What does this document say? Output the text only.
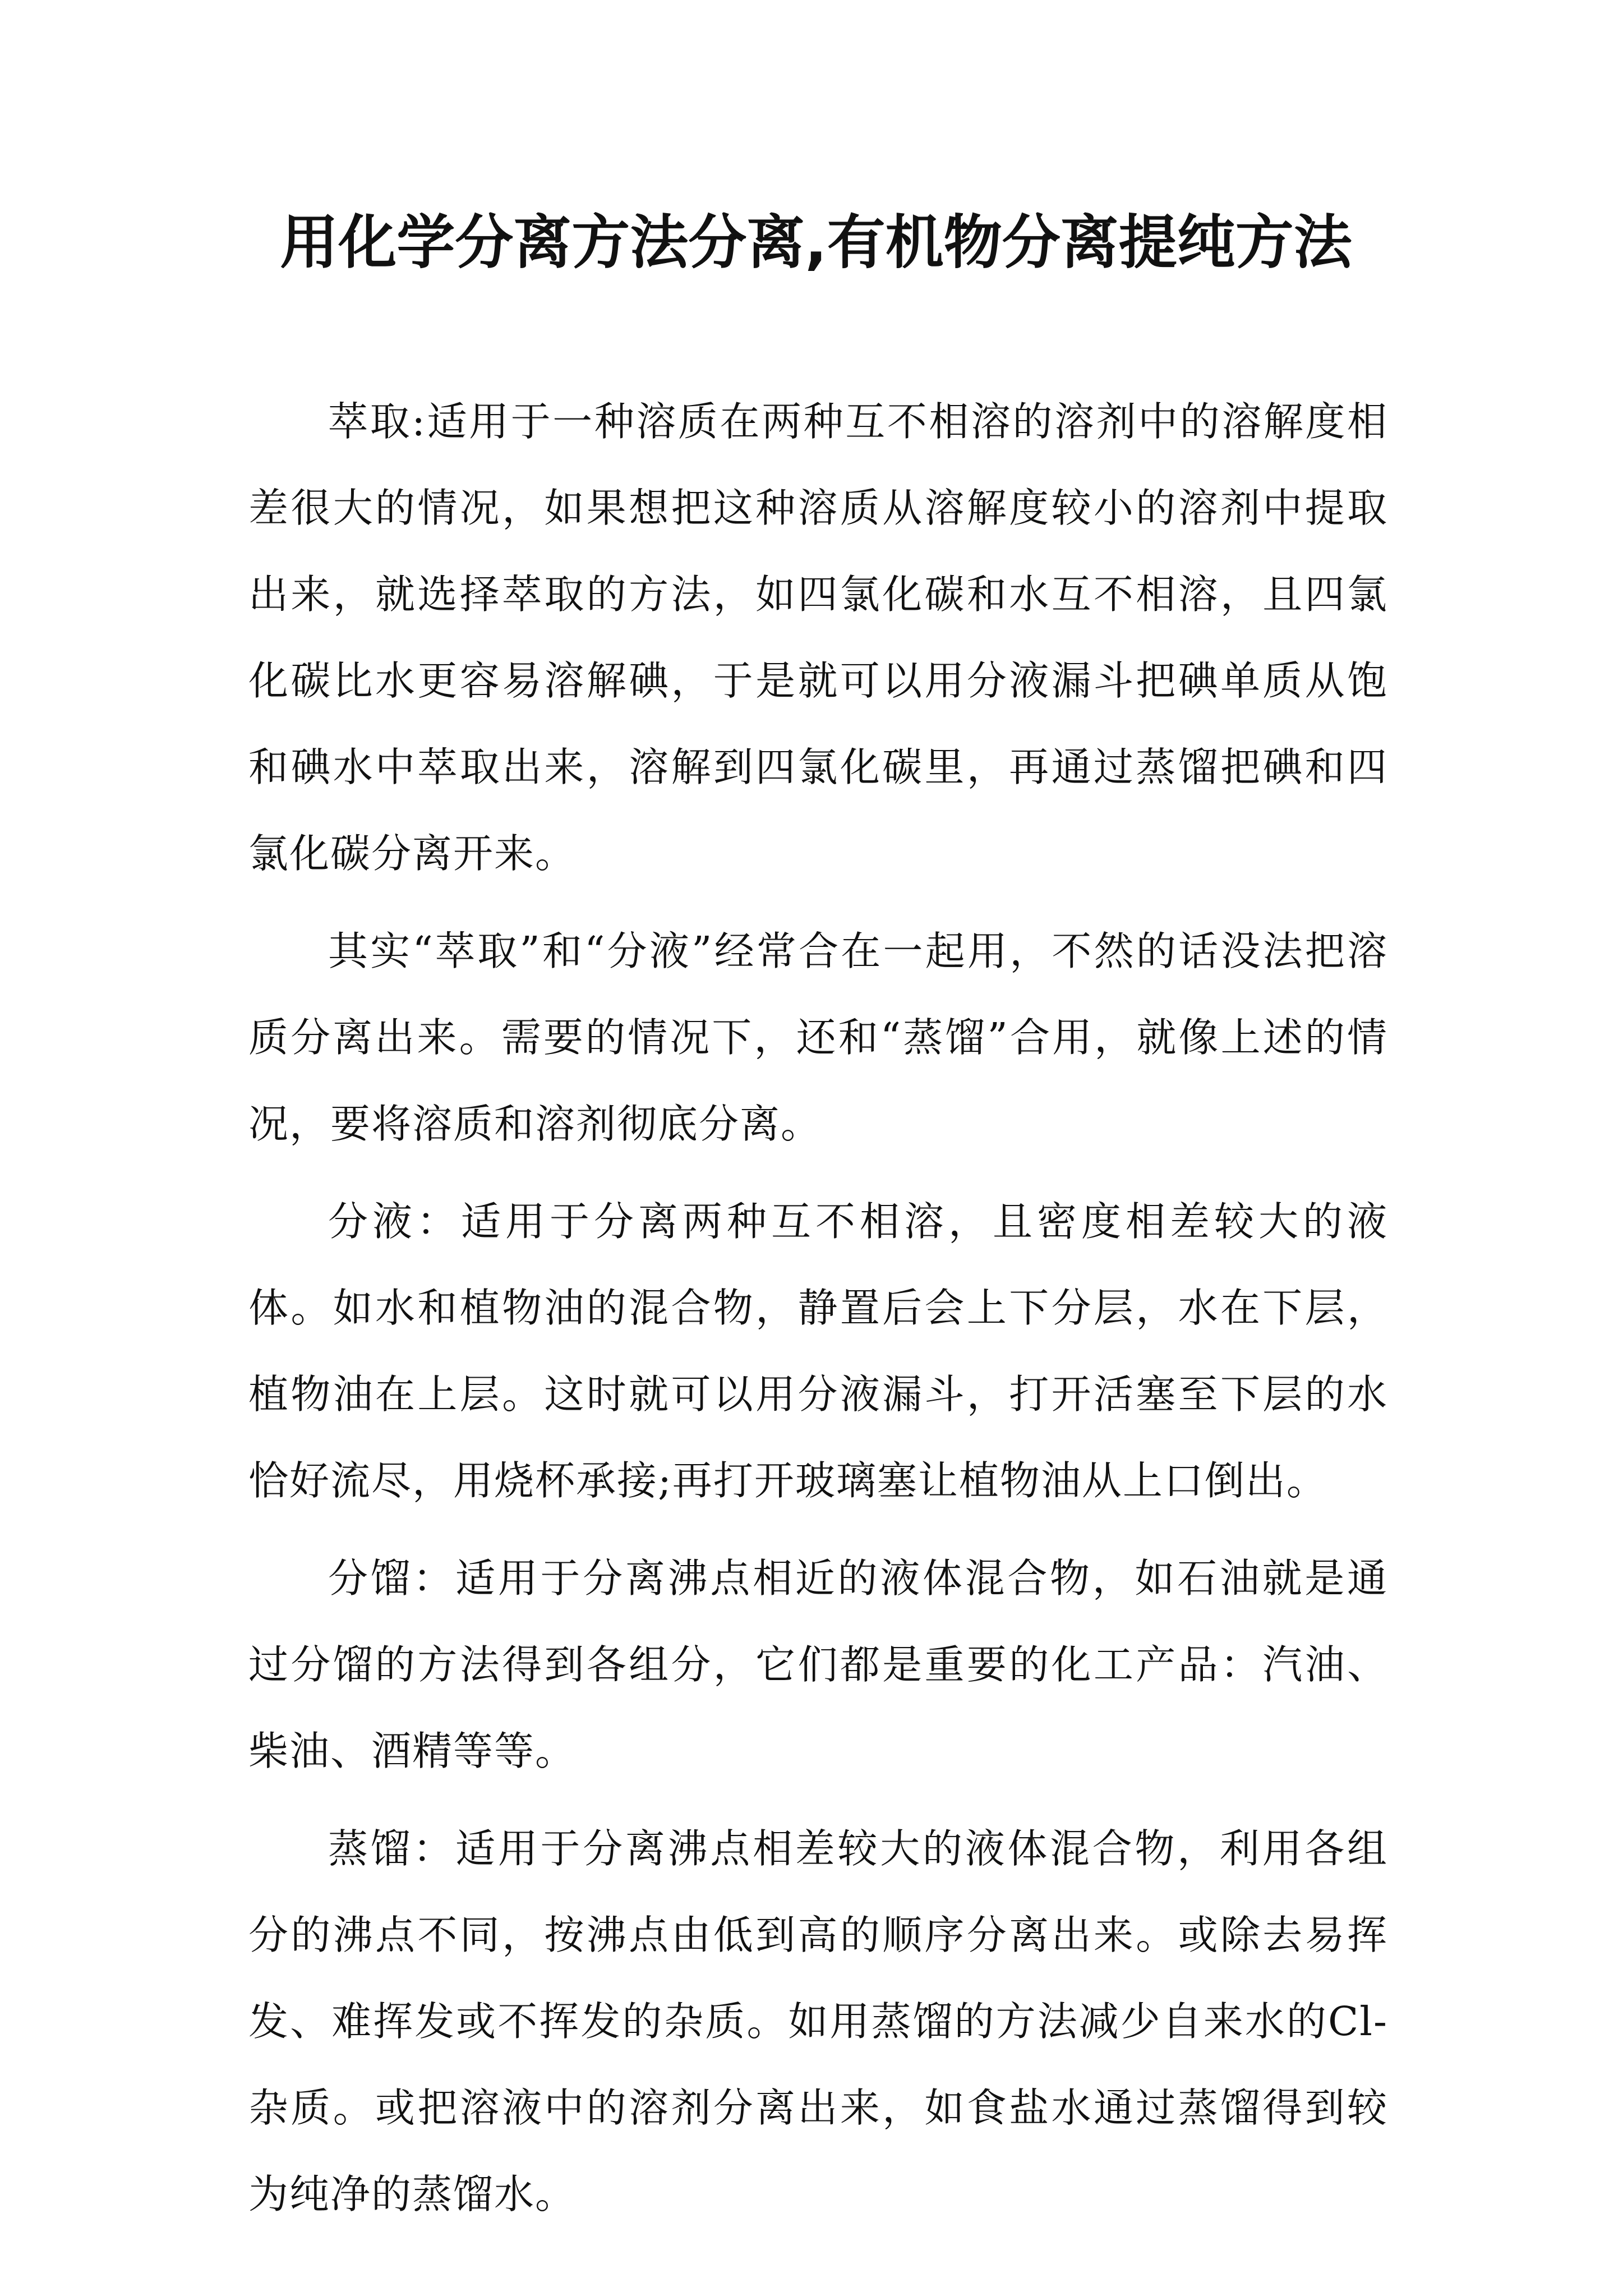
用化学分离方法分离,有机物分离提纯方法

萃取:适用于一种溶质在两种互不相溶的溶剂中的溶解度相差很大的情况，如果想把这种溶质从溶解度较小的溶剂中提取出来，就选择萃取的方法，如四氯化碳和水互不相溶，且四氯化碳比水更容易溶解碘，于是就可以用分液漏斗把碘单质从饱和碘水中萃取出来，溶解到四氯化碳里，再通过蒸馏把碘和四氯化碳分离开来。

其实“萃取”和“分液”经常合在一起用，不然的话没法把溶质分离出来。需要的情况下，还和“蒸馏”合用，就像上述的情况，要将溶质和溶剂彻底分离。

分液：适用于分离两种互不相溶，且密度相差较大的液体。如水和植物油的混合物，静置后会上下分层，水在下层，植物油在上层。这时就可以用分液漏斗，打开活塞至下层的水恰好流尽，用烧杯承接;再打开玻璃塞让植物油从上口倒出。

分馏：适用于分离沸点相近的液体混合物，如石油就是通过分馏的方法得到各组分，它们都是重要的化工产品：汽油、柴油、酒精等等。

蒸馏：适用于分离沸点相差较大的液体混合物，利用各组分的沸点不同，按沸点由低到高的顺序分离出来。或除去易挥发、难挥发或不挥发的杂质。如用蒸馏的方法减少自来水的Cl-杂质。或把溶液中的溶剂分离出来，如食盐水通过蒸馏得到较为纯净的蒸馏水。
